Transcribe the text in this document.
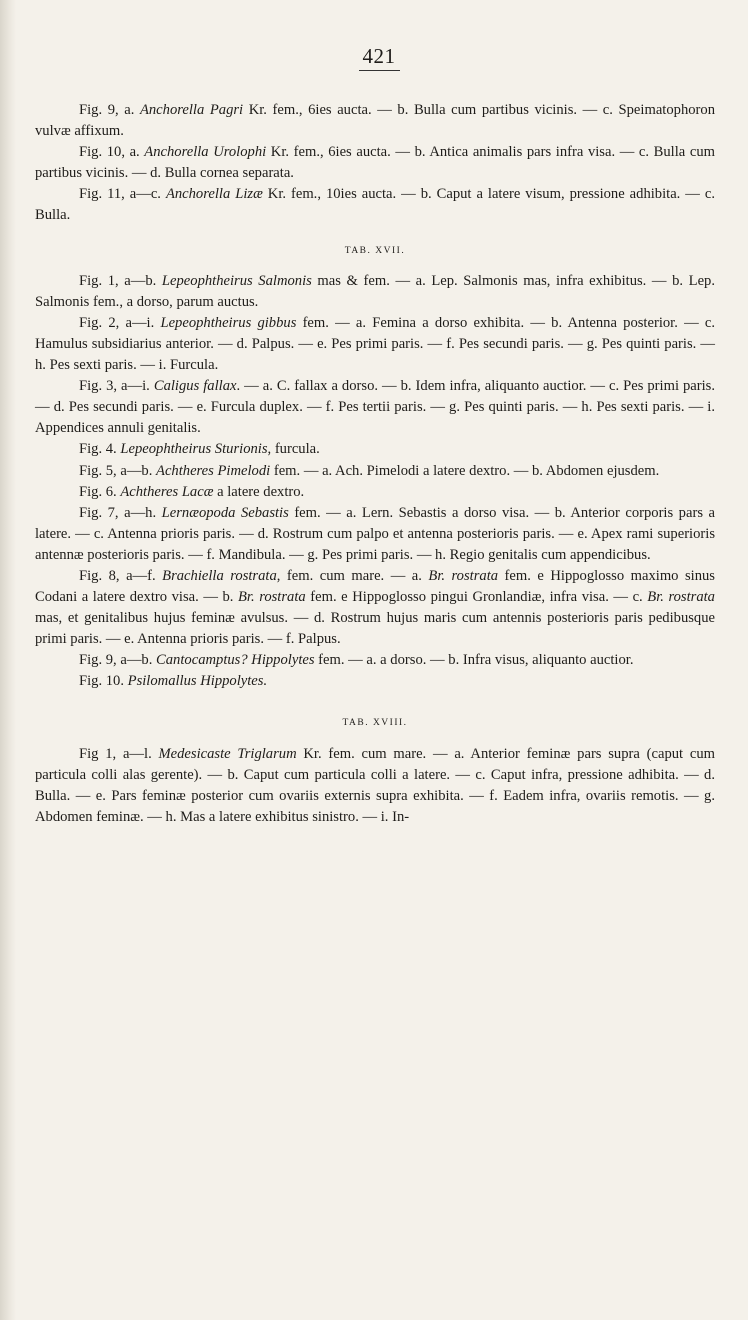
421

Fig. 9, a. Anchorella Pagri Kr. fem., 6ies aucta. — b. Bulla cum partibus vicinis. — c. Speimatophoron vulvæ affixum.

Fig. 10, a. Anchorella Urolophi Kr. fem., 6ies aucta. — b. Antica animalis pars infra visa. — c. Bulla cum partibus vicinis. — d. Bulla cornea separata.

Fig. 11, a—c. Anchorella Lizæ Kr. fem., 10ies aucta. — b. Caput a latere visum, pressione adhibita. — c. Bulla.

TAB. XVII.

Fig. 1, a—b. Lepeophtheirus Salmonis mas & fem. — a. Lep. Salmonis mas, infra exhibitus. — b. Lep. Salmonis fem., a dorso, parum auctus.

Fig. 2, a—i. Lepeophtheirus gibbus fem. — a. Femina a dorso exhibita. — b. Antenna posterior. — c. Hamulus subsidiarius anterior. — d. Palpus. — e. Pes primi paris. — f. Pes secundi paris. — g. Pes quinti paris. — h. Pes sexti paris. — i. Furcula.

Fig. 3, a—i. Caligus fallax. — a. C. fallax a dorso. — b. Idem infra, aliquanto auctior. — c. Pes primi paris. — d. Pes secundi paris. — e. Furcula duplex. — f. Pes tertii paris. — g. Pes quinti paris. — h. Pes sexti paris. — i. Appendices annuli genitalis.

Fig. 4. Lepeophtheirus Sturionis, furcula.

Fig. 5, a—b. Achtheres Pimelodi fem. — a. Ach. Pimelodi a latere dextro. — b. Abdomen ejusdem.

Fig. 6. Achtheres Lacæ a latere dextro.

Fig. 7, a—h. Lernæopoda Sebastis fem. — a. Lern. Sebastis a dorso visa. — b. Anterior corporis pars a latere. — c. Antenna prioris paris. — d. Rostrum cum palpo et antenna posterioris paris. — e. Apex rami superioris antennæ posterioris paris. — f. Mandibula. — g. Pes primi paris. — h. Regio genitalis cum appendicibus.

Fig. 8, a—f. Brachiella rostrata, fem. cum mare. — a. Br. rostrata fem. e Hippoglosso maximo sinus Codani a latere dextro visa. — b. Br. rostrata fem. e Hippoglosso pingui Gronlandiæ, infra visa. — c. Br. rostrata mas, et genitalibus hujus feminæ avulsus. — d. Rostrum hujus maris cum antennis posterioris paris pedibusque primi paris. — e. Antenna prioris paris. — f. Palpus.

Fig. 9, a—b. Cantocamptus? Hippolytes fem. — a. a dorso. — b. Infra visus, aliquanto auctior.

Fig. 10. Psilomallus Hippolytes.

TAB. XVIII.

Fig 1, a—l. Medesicaste Triglarum Kr. fem. cum mare. — a. Anterior feminæ pars supra (caput cum particula colli alas gerente). — b. Caput cum particula colli a latere. — c. Caput infra, pressione adhibita. — d. Bulla. — e. Pars feminæ posterior cum ovariis externis supra exhibita. — f. Eadem infra, ovariis remotis. — g. Abdomen feminæ. — h. Mas a latere exhibitus sinistro. — i. In-
